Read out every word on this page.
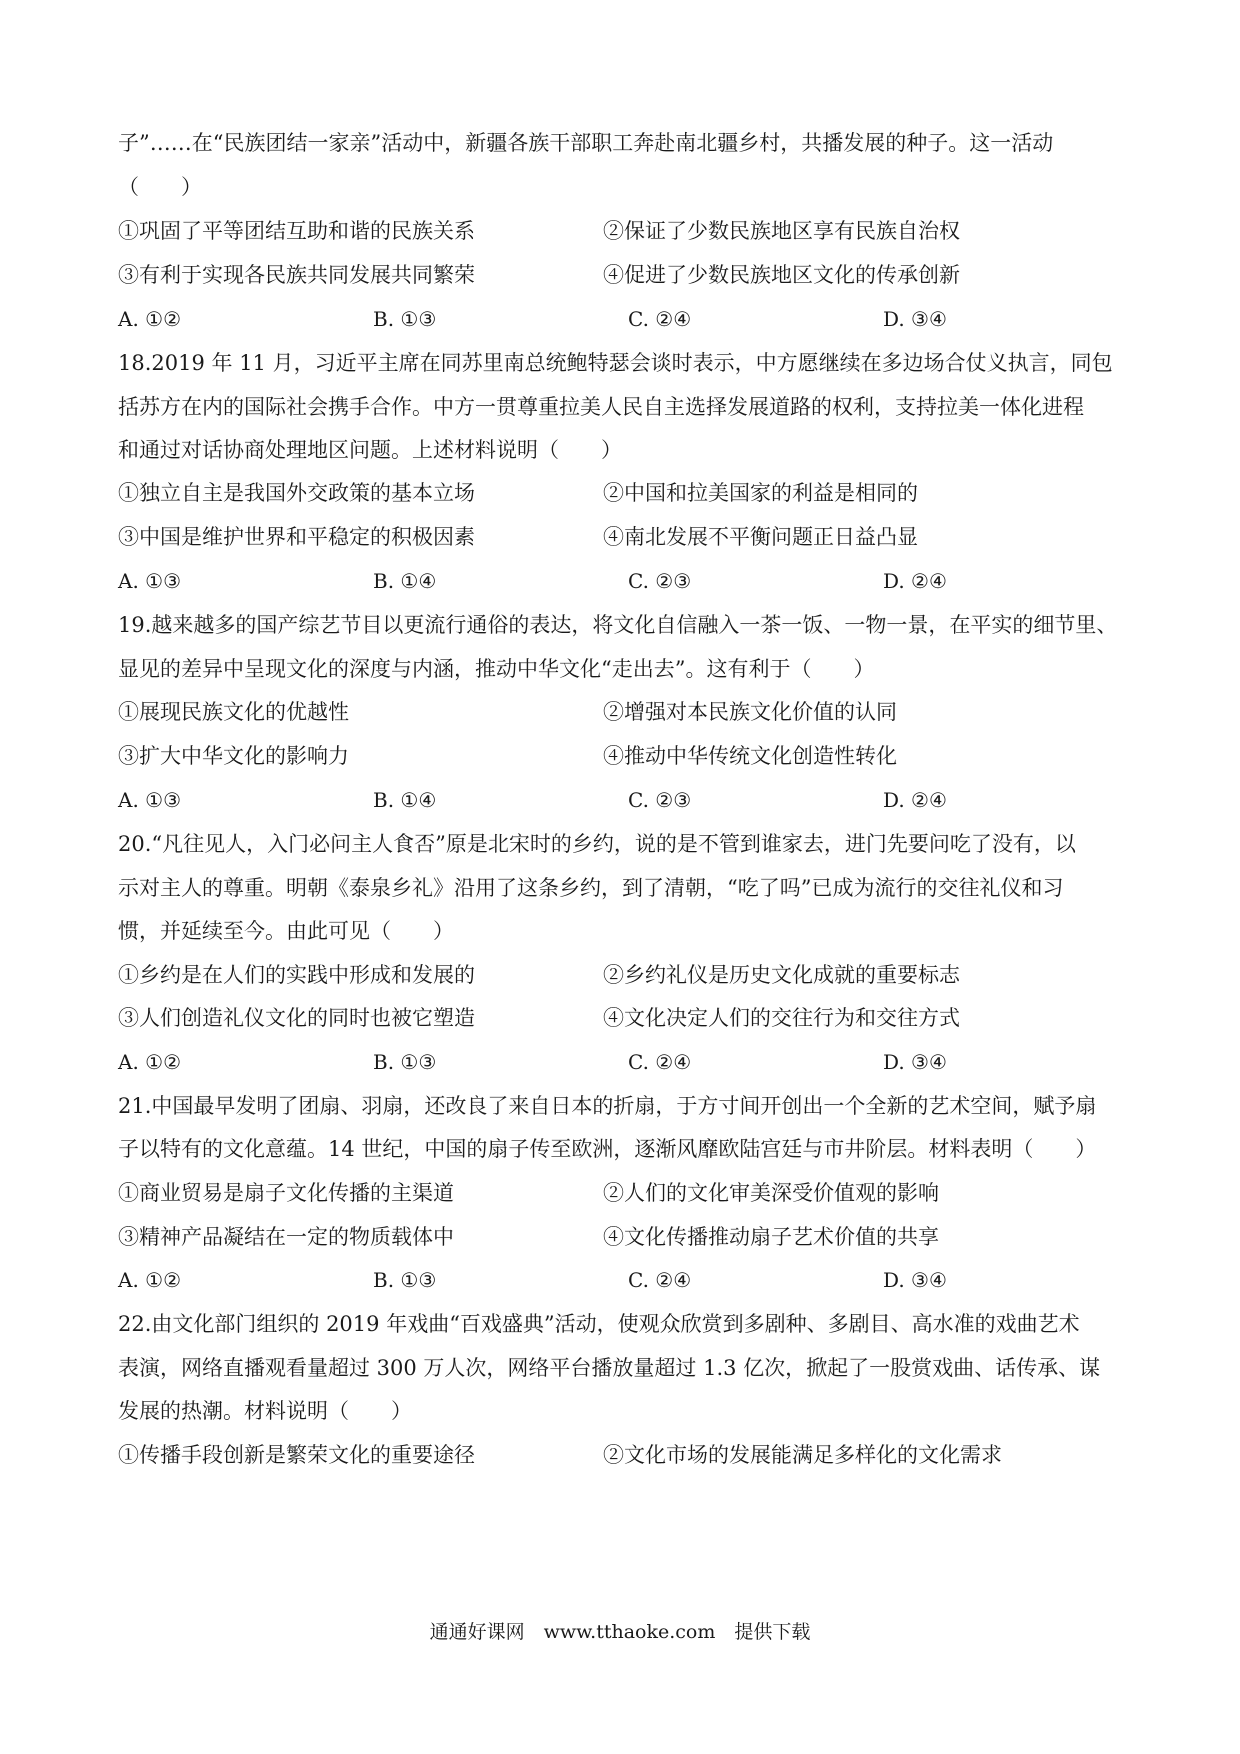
子”……在“民族团结一家亲”活动中，新疆各族干部职工奔赴南北疆乡村，共播发展的种子。这一活动
（　　）
①巩固了平等团结互助和谐的民族关系	②保证了少数民族地区享有民族自治权
③有利于实现各民族共同发展共同繁荣	④促进了少数民族地区文化的传承创新
A. ①②	B. ①③	C. ②④	D. ③④
18.2019 年 11 月，习近平主席在同苏里南总统鲍特瑟会谈时表示，中方愿继续在多边场合仗义执言，同包
括苏方在内的国际社会携手合作。中方一贯尊重拉美人民自主选择发展道路的权利，支持拉美一体化进程
和通过对话协商处理地区问题。上述材料说明（　　）
①独立自主是我国外交政策的基本立场	②中国和拉美国家的利益是相同的
③中国是维护世界和平稳定的积极因素	④南北发展不平衡问题正日益凸显
A. ①③	B. ①④	C. ②③	D. ②④
19.越来越多的国产综艺节目以更流行通俗的表达，将文化自信融入一茶一饭、一物一景，在平实的细节里、
显见的差异中呈现文化的深度与内涵，推动中华文化“走出去”。这有利于（　　）
①展现民族文化的优越性	②增强对本民族文化价值的认同
③扩大中华文化的影响力	④推动中华传统文化创造性转化
A. ①③	B. ①④	C. ②③	D. ②④
20.“凡往见人，入门必问主人食否”原是北宋时的乡约，说的是不管到谁家去，进门先要问吃了没有，以
示对主人的尊重。明朝《泰泉乡礼》沿用了这条乡约，到了清朝，“吃了吗”已成为流行的交往礼仪和习
惯，并延续至今。由此可见（　　）
①乡约是在人们的实践中形成和发展的	②乡约礼仪是历史文化成就的重要标志
③人们创造礼仪文化的同时也被它塑造	④文化决定人们的交往行为和交往方式
A. ①②	B. ①③	C. ②④	D. ③④
21.中国最早发明了团扇、羽扇，还改良了来自日本的折扇，于方寸间开创出一个全新的艺术空间，赋予扇
子以特有的文化意蕴。14 世纪，中国的扇子传至欧洲，逐渐风靡欧陆宫廷与市井阶层。材料表明（　　）
①商业贸易是扇子文化传播的主渠道	②人们的文化审美深受价值观的影响
③精神产品凝结在一定的物质载体中	④文化传播推动扇子艺术价值的共享
A. ①②	B. ①③	C. ②④	D. ③④
22.由文化部门组织的 2019 年戏曲“百戏盛典”活动，使观众欣赏到多剧种、多剧目、高水准的戏曲艺术
表演，网络直播观看量超过 300 万人次，网络平台播放量超过 1.3 亿次，掀起了一股赏戏曲、话传承、谋
发展的热潮。材料说明（　　）
①传播手段创新是繁荣文化的重要途径	②文化市场的发展能满足多样化的文化需求
通通好课网　www.tthaoke.com　提供下载
